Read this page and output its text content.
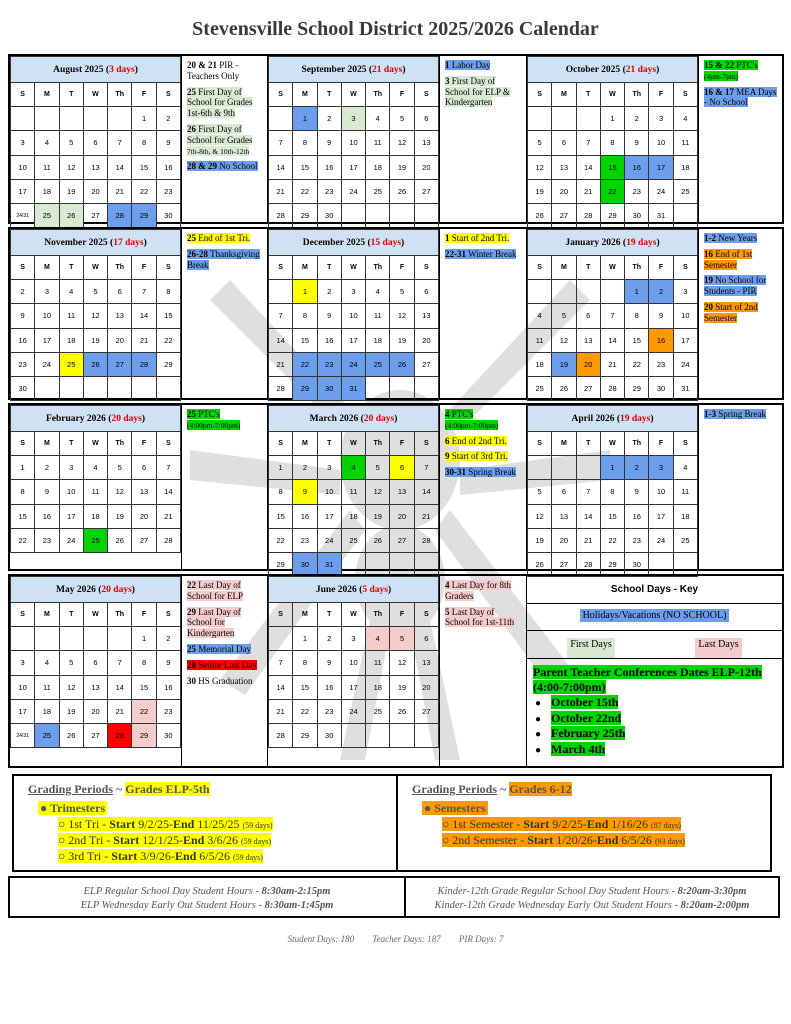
Stevensville School District 2025/2026 Calendar
August 2025 (3 days)						
S	M	T	W	Th	F	S
					1	2
3	4	5	6	7	8	9
10	11	12	13	14	15	16
17	18	19	20	21	22	23
24/31	25	26	27	28	29	30

20 & 21 PIR - Teachers Only

25 First Day of School for Grades 1st-6th & 9th

26 First Day of School for Grades
7th-8th, & 10th-12th

28 & 29 No School

September 2025 (21 days)						
S	M	T	W	Th	F	S
	1	2	3	4	5	6
7	8	9	10	11	12	13
14	15	16	17	18	19	20
21	22	23	24	25	26	27
28	29	30				

1 Labor Day

3 First Day of School for ELP & Kindergarten

October 2025 (21 days)						
S	M	T	W	Th	F	S
			1	2	3	4
5	6	7	8	9	10	11
12	13	14	15	16	17	18
19	20	21	22	23	24	25
26	27	28	29	30	31	

15 & 22 PTC's
(4pm-7pm)

16 & 17 MEA Days - No School

November 2025 (17 days)						
S	M	T	W	Th	F	S
2	3	4	5	6	7	8
9	10	11	12	13	14	15
16	17	18	19	20	21	22
23	24	25	26	27	28	29
30						

25 End of 1st Tri.

26-28 Thanksgiving Break

December 2025 (15 days)						
S	M	T	W	Th	F	S
	1	2	3	4	5	6
7	8	9	10	11	12	13
14	15	16	17	18	19	20
21	22	23	24	25	26	27
28	29	30	31			

1 Start of 2nd Tri.

22-31 Winter Break

January 2026 (19 days)						
S	M	T	W	Th	F	S
				1	2	3
4	5	6	7	8	9	10
11	12	13	14	15	16	17
18	19	20	21	22	23	24
25	26	27	28	29	30	31

1-2 New Years

16 End of 1st Semester

19 No School for Students - PIR

20 Start of 2nd Semester

February 2026 (20 days)						
S	M	T	W	Th	F	S
1	2	3	4	5	6	7
8	9	10	11	12	13	14
15	16	17	18	19	20	21
22	23	24	25	26	27	28

25 PTC's
(4:00pm-7:00pm)

March 2026 (20 days)						
S	M	T	W	Th	F	S
1	2	3	4	5	6	7
8	9	10	11	12	13	14
15	16	17	18	19	20	21
22	23	24	25	26	27	28
29	30	31				

4 PTC's
(4:00pm-7:00pm)

6 End of 2nd Tri.

9 Start of 3rd Tri.

30-31 Spring Break

April 2026 (19 days)						
S	M	T	W	Th	F	S
			1	2	3	4
5	6	7	8	9	10	11
12	13	14	15	16	17	18
19	20	21	22	23	24	25
26	27	28	29	30		

1-3 Spring Break

May 2026 (20 days)						
S	M	T	W	Th	F	S
					1	2
3	4	5	6	7	8	9
10	11	12	13	14	15	16
17	18	19	20	21	22	23
24/31	25	26	27	28	29	30

22 Last Day of School for ELP

29 Last Day of School for Kindergarten

25 Memorial Day

28 Senior Last Day

30 HS Graduation

June 2026 (5 days)						
S	M	T	W	Th	F	S
	1	2	3	4	5	6
7	8	9	10	11	12	13
14	15	16	17	18	19	20
21	22	23	24	25	26	27
28	29	30				

4 Last Day for 8th Graders

5 Last Day of School for 1st-11th

School Days - Key
Holidays/Vacations (NO SCHOOL)
First Days	Last Days
Parent Teacher Conferences Dates ELP-12th (4:00-7:00pm)
● October 15th
● October 22nd
● February 25th
● March 4th
Grading Periods ~ Grades ELP-5th
● Trimesters
○ 1st Tri - Start 9/2/25-End 11/25/25 (59 days)
○ 2nd Tri - Start 12/1/25-End 3/6/26 (59 days)
○ 3rd Tri - Start 3/9/26-End 6/5/26 (59 days)
Grading Periods ~ Grades 6-12
● Semesters
○ 1st Semester - Start 9/2/25-End 1/16/26 (87 days)
○ 2nd Semester - Start 1/20/26-End 6/5/26 (93 days)
ELP Regular School Day Student Hours - 8:30am-2:15pm
ELP Wednesday Early Out Student Hours - 8:30am-1:45pm
Kinder-12th Grade Regular School Day Student Hours - 8:20am-3:30pm
Kinder-12th Grade Wednesday Early Out Student Hours - 8:20am-2:00pm
Student Days: 180 Teacher Days: 187 PIR Days: 7
